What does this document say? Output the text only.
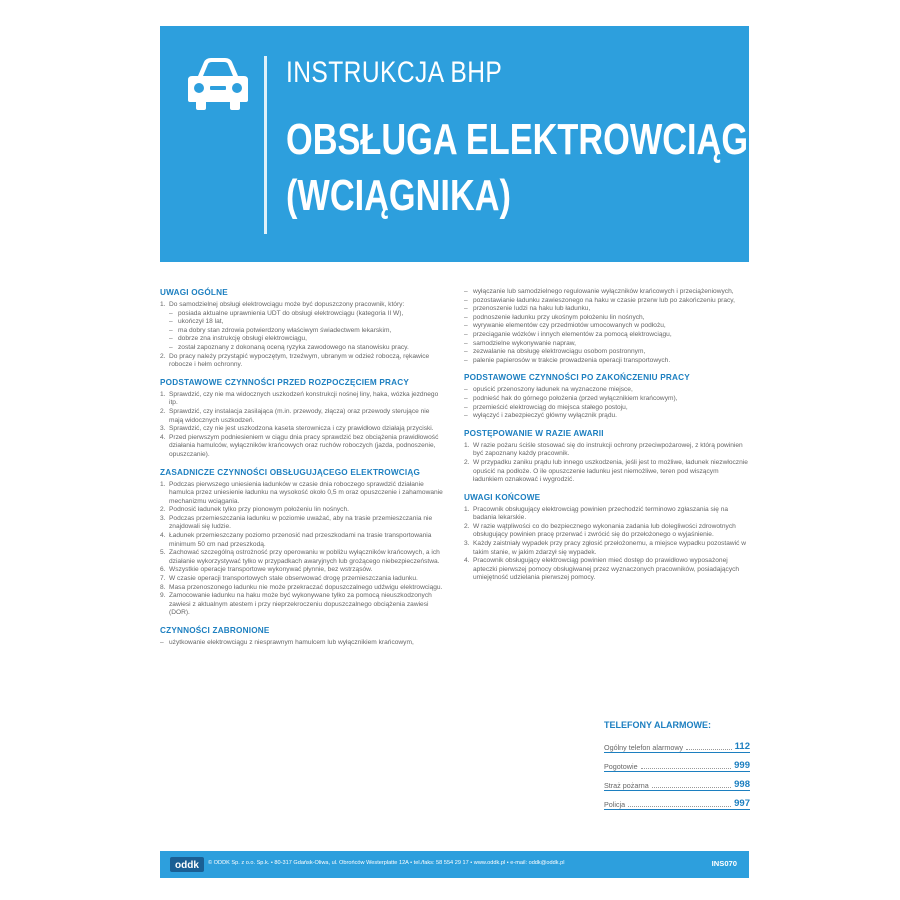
INSTRUKCJA BHP
OBSŁUGA ELEKTROWCIĄGU
(WCIĄGNIKA)
UWAGI OGÓLNE
1. Do samodzielnej obsługi elektrowciągu może być dopuszczony pracownik, który:
– posiada aktualne uprawnienia UDT do obsługi elektrowciągu (kategoria II W),
– ukończył 18 lat,
– ma dobry stan zdrowia potwierdzony właściwym świadectwem lekarskim,
– dobrze zna instrukcję obsługi elektrowciągu,
– został zapoznany z dokonaną oceną ryzyka zawodowego na stanowisku pracy.
2. Do pracy należy przystąpić wypoczętym, trzeźwym, ubranym w odzież roboczą, rękawice robocze i hełm ochronny.
PODSTAWOWE CZYNNOŚCI PRZED ROZPOCZĘCIEM PRACY
1. Sprawdzić, czy nie ma widocznych uszkodzeń konstrukcji nośnej liny, haka, wózka jezdnego itp.
2. Sprawdzić, czy instalacja zasilająca (m.in. przewody, złącza) oraz przewody sterujące nie mają widocznych uszkodzeń.
3. Sprawdzić, czy nie jest uszkodzona kaseta sterownicza i czy prawidłowo działają przyciski.
4. Przed pierwszym podniesieniem w ciągu dnia pracy sprawdzić bez obciążenia prawidłowość działania hamulców, wyłączników krańcowych oraz ruchów roboczych (jazda, podnoszenie, opuszczanie).
ZASADNICZE CZYNNOŚCI OBSŁUGUJĄCEGO ELEKTROWCIĄG
1. Podczas pierwszego uniesienia ładunków w czasie dnia roboczego sprawdzić działanie hamulca przez uniesienie ładunku na wysokość około 0,5 m oraz opuszczenie i zahamowanie mechanizmu wciągania.
2. Podnosić ładunek tylko przy pionowym położeniu lin nośnych.
3. Podczas przemieszczania ładunku w poziomie uważać, aby na trasie przemieszczania nie znajdowali się ludzie.
4. Ładunek przemieszczany poziomo przenosić nad przeszkodami na trasie transportowania minimum 50 cm nad przeszkodą.
5. Zachować szczególną ostrożność przy operowaniu w pobliżu wyłączników krańcowych, a ich działanie wykorzystywać tylko w przypadkach awaryjnych lub grożącego niebezpieczeństwa.
6. Wszystkie operacje transportowe wykonywać płynnie, bez wstrząsów.
7. W czasie operacji transportowych stale obserwować drogę przemieszczania ładunku.
8. Masa przenoszonego ładunku nie może przekraczać dopuszczalnego udźwigu elektrowciągu.
9. Zamocowanie ładunku na haku może być wykonywane tylko za pomocą nieuszkodzonych zawiesi z aktualnym atestem i przy nieprzekroczeniu dopuszczalnego obciążenia zawiesi (DOR).
CZYNNOŚCI ZABRONIONE
– użytkowanie elektrowciągu z niesprawnym hamulcem lub wyłącznikiem krańcowym,
– wyłączanie lub samodzielnego regulowanie wyłączników krańcowych i przeciążeniowych,
– pozostawianie ładunku zawieszonego na haku w czasie przerw lub po zakończeniu pracy,
– przenoszenie ludzi na haku lub ładunku,
– podnoszenie ładunku przy ukośnym położeniu lin nośnych,
– wyrywanie elementów czy przedmiotów umocowanych w podłożu,
– przeciąganie wózków i innych elementów za pomocą elektrowciągu,
– samodzielne wykonywanie napraw,
– zezwalanie na obsługę elektrowciągu osobom postronnym,
– palenie papierosów w trakcie prowadzenia operacji transportowych.
PODSTAWOWE CZYNNOŚCI PO ZAKOŃCZENIU PRACY
– opuścić przenoszony ładunek na wyznaczone miejsce,
– podnieść hak do górnego położenia (przed wyłącznikiem krańcowym),
– przemieścić elektrowciąg do miejsca stałego postoju,
– wyłączyć i zabezpieczyć główny wyłącznik prądu.
POSTĘPOWANIE W RAZIE AWARII
1. W razie pożaru ściśle stosować się do instrukcji ochrony przeciwpożarowej, z którą powinien być zapoznany każdy pracownik.
2. W przypadku zaniku prądu lub innego uszkodzenia, jeśli jest to możliwe, ładunek niezwłocznie opuścić na podłoże. O ile opuszczenie ładunku jest niemożliwe, teren pod wiszącym ładunkiem oznakować i wygrodzić.
UWAGI KOŃCOWE
1. Pracownik obsługujący elektrowciąg powinien przechodzić terminowo zgłaszania się na badania lekarskie.
2. W razie wątpliwości co do bezpiecznego wykonania zadania lub dolegliwości zdrowotnych obsługujący powinien pracę przerwać i zwrócić się do przełożonego o wyjaśnienie.
3. Każdy zaistniały wypadek przy pracy zgłosić przełożonemu, a miejsce wypadku pozostawić w takim stanie, w jakim zdarzył się wypadek.
4. Pracownik obsługujący elektrowciąg powinien mieć dostęp do prawidłowo wyposażonej apteczki pierwszej pomocy obsługiwanej przez wyznaczonych pracowników, posiadających umiejętność udzielania pierwszej pomocy.
TELEFONY ALARMOWE:
Ogólny telefon alarmowy	112
Pogotowie	999
Straż pożarna	998
Policja	997
oddk © ODDK Sp. z o.o. Sp.k. • 80-317 Gdańsk-Oliwa, ul. Obrońców Westerplatte 12A • tel./faks: 58 554 29 17 • www.oddk.pl • e-mail: oddk@oddk.pl	INS070
